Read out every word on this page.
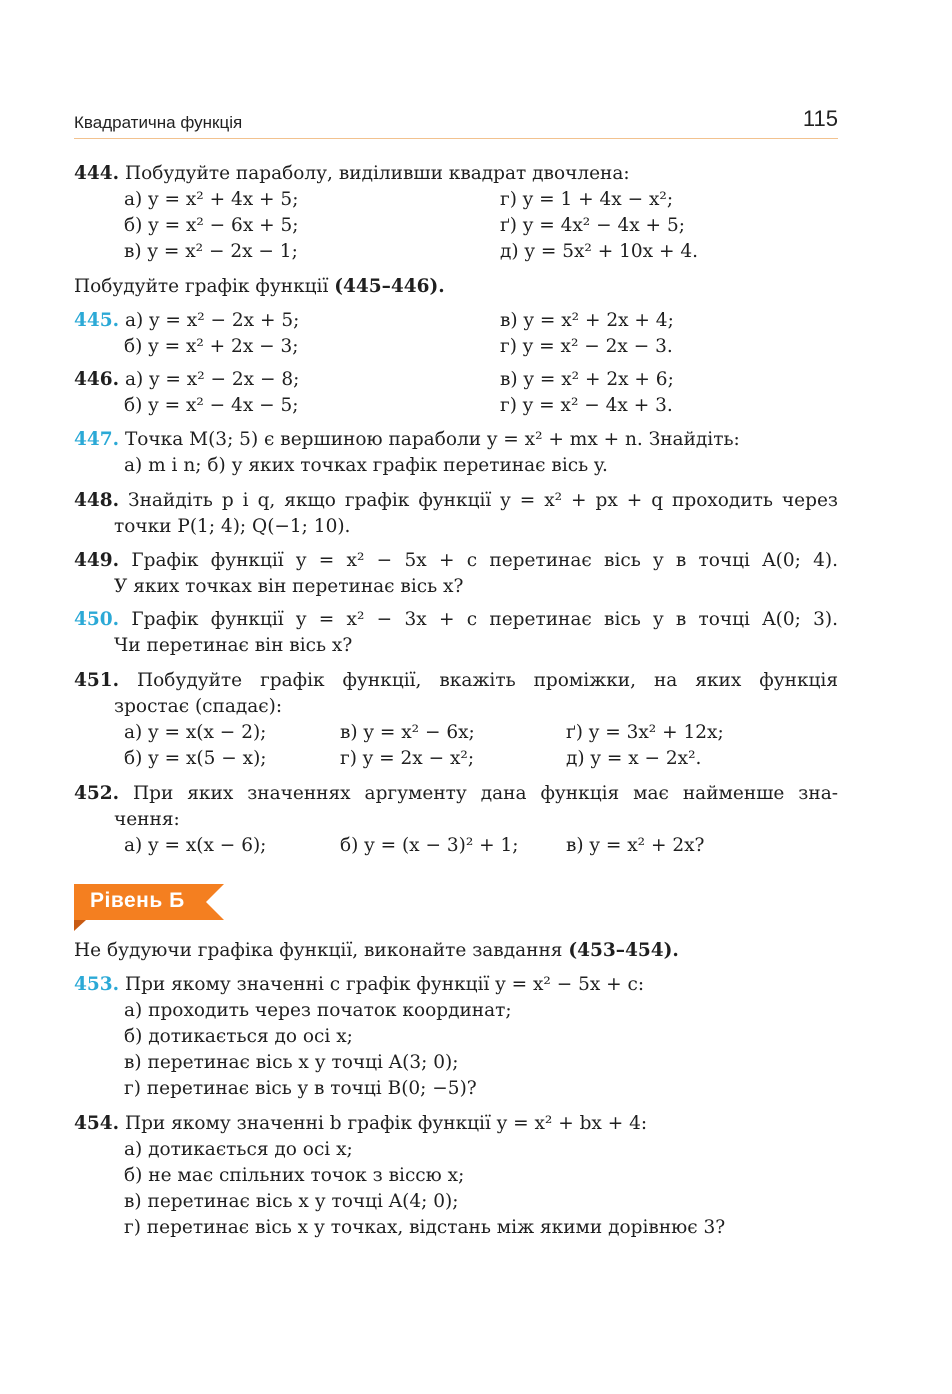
Квадратична функція	115
444. Побудуйте параболу, виділивши квадрат двочлена:
а) y = x² + 4x + 5;	г) y = 1 + 4x − x²;
б) y = x² − 6x + 5;	ґ) y = 4x² − 4x + 5;
в) y = x² − 2x − 1;	д) y = 5x² + 10x + 4.
Побудуйте графік функції (445–446).
445. а) y = x² − 2x + 5;	в) y = x² + 2x + 4;
б) y = x² + 2x − 3;	г) y = x² − 2x − 3.
446. а) y = x² − 2x − 8;	в) y = x² + 2x + 6;
б) y = x² − 4x − 5;	г) y = x² − 4x + 3.
447. Точка M(3; 5) є вершиною параболи y = x² + mx + n. Знайдіть:
а) m і n; б) у яких точках графік перетинає вісь y.
448. Знайдіть p і q, якщо графік функції y = x² + px + q проходить через
точки P(1; 4); Q(−1; 10).
449. Графік функції y = x² − 5x + c перетинає вісь y в точці A(0; 4).
У яких точках він перетинає вісь x?
450. Графік функції y = x² − 3x + c перетинає вісь y в точці A(0; 3).
Чи перетинає він вісь x?
451. Побудуйте графік функції, вкажіть проміжки, на яких функція
зростає (спадає):
а) y = x(x − 2);	в) y = x² − 6x;	ґ) y = 3x² + 12x;
б) y = x(5 − x);	г) y = 2x − x²;	д) y = x − 2x².
452. При яких значеннях аргументу дана функція має найменше зна-
чення:
а) y = x(x − 6);	б) y = (x − 3)² + 1;	в) y = x² + 2x?
Рівень Б
Не будуючи графіка функції, виконайте завдання (453–454).
453. При якому значенні c графік функції y = x² − 5x + c:
а) проходить через початок координат;
б) дотикається до осі x;
в) перетинає вісь x у точці A(3; 0);
г) перетинає вісь y в точці B(0; −5)?
454. При якому значенні b графік функції y = x² + bx + 4:
а) дотикається до осі x;
б) не має спільних точок з віссю x;
в) перетинає вісь x у точці A(4; 0);
г) перетинає вісь x у точках, відстань між якими дорівнює 3?
